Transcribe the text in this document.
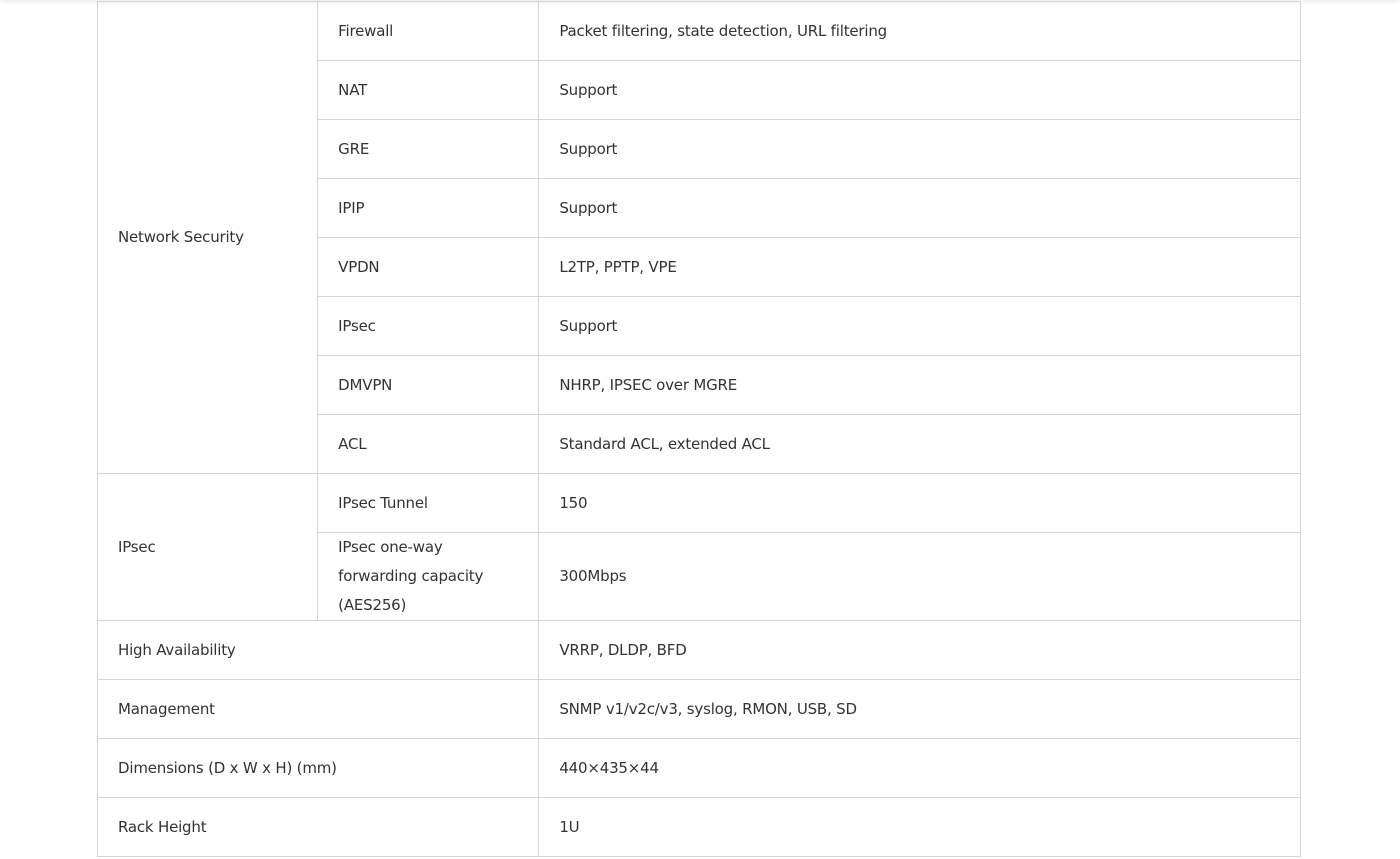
Network Security	Firewall	Packet filtering, state detection, URL filtering
	NAT	Support
	GRE	Support
	IPIP	Support
	VPDN	L2TP, PPTP, VPE
	IPsec	Support
	DMVPN	NHRP, IPSEC over MGRE
	ACL	Standard ACL, extended ACL
IPsec	IPsec Tunnel	150
	IPsec one-way forwarding capacity (AES256)	300Mbps
High Availability		VRRP, DLDP, BFD
Management		SNMP v1/v2c/v3, syslog, RMON, USB, SD
Dimensions (D x W x H) (mm)		440×435×44
Rack Height		1U
